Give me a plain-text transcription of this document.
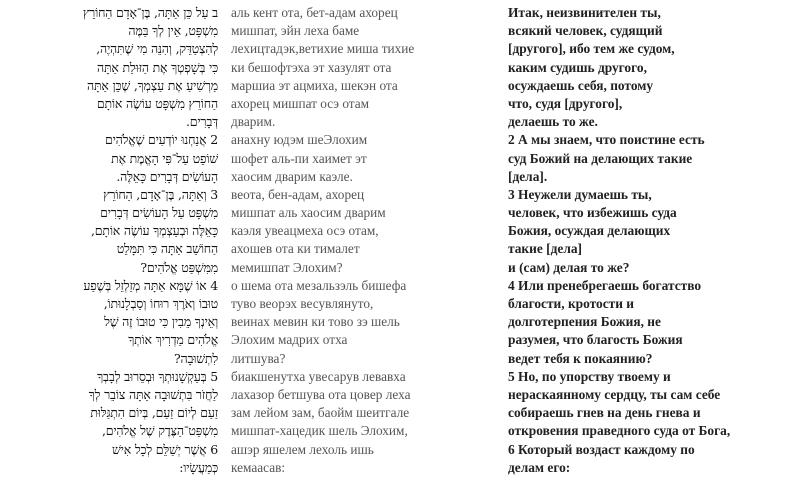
ב עַל כֵּן אַתָּה, בֶּן־אָדָם הַחוֹרֵץ
מִשְׁפָּט, אֵין לְךָ בַּמֶּה
לְהִצְטַדֵּק, וְהִנֵּה מִי שֶׁתִּהְיֶה,
כִּי בְּשָׁפְטְךָ אֶת הַזּוּלַת אַתָּה
מַרְשִׁיעַ אֶת עַצְמְךָ, שֶׁכֵּן אַתָּה
הַחוֹרֵץ מִשְׁפָּט עוֹשֶׂה אוֹתָם
דְּבָרִים.
2 אֲנַחְנוּ יוֹדְעִים שֶׁאֱלֹהִים
שׁוֹפֵט עַל־פִּי הָאֱמֶת אֶת
הָעוֹשִׂים דְּבָרִים כָּאֵלֶּה.
3 וְאַתָּה, בֶּן־אָדָם, הַחוֹרֵץ
מִשְׁפָּט עַל הָעוֹשִׂים דְּבָרִים
כָּאֵלֶּה וּבְעַצְמְךָ עוֹשֶׂה אוֹתָם,
הַחוֹשֵׁב אַתָּה כִּי תִּמָּלֵט
מִמִּשְׁפַּט אֱלֹהִים?
4 אוֹ שֶׁמָּא אַתָּה מְזַלְזֵל בְּשֶׁפַע
טוּבוֹ וְאֹרֶךְ רוּחוֹ וְסַבְלָנוּתוֹ,
וְאֵינְךָ מֵבִין כִּי טוּבוֹ זֶה שֶׁל
אֱלֹהִים מַדְרִיךְ אוֹתְךָ
לִתְשׁוּבָה?
5 בְּעַקְשָׁנוּתְךָ וּבְסֵרוּב לְבָבְךָ
לַחֲזֹר בִּתְשׁוּבָה אַתָּה צוֹבֵר לְךָ
זַעַם לְיוֹם זַעַם, בְּיוֹם הִתְגַּלּוּת
מִשְׁפַּט־הַצֶּדֶק שֶׁל אֱלֹהִים,
6 אֲשֶׁר יְשַׁלֵּם לְכָל אִישׁ
כְּמַעֲשָׂיו:
аль кент ота, бет-адам ахорец
мишпат, эйн леха бамe
лехицтадэк,ветихие миша тихие
ки бешофтэха эт хазулят ота
маршиа эт ацмиха, шекэн ота
ахорец мишпат осэ отам
дварим.
анахну юдэм шеЭлохим
шофет аль-пи хаимет эт
хаосим дварим каэле.
веота, бен-адам, ахорец
мишпат аль хаосим дварим
каэля увеацмеха осэ отам,
ахошев ота ки тималет
мемишпат Элохим?
о шема ота мезальзэль бишефа
туво веорэх весувлянуто,
веинах мевин ки тово зэ шель
Элохим мадрих отха
литшува?
биакшенутха увесарув левавха
лахазор бетшува ота цовер леха
зам лейом зам, баойм шеитгале
мишпат-хацедик шель Элохим,
ашэр яшелем лехоль ишь
кемаасав:
Итак, неизвинителен ты,
всякий человек, судящий
[другого], ибо тем же судом,
каким судишь другого,
осуждаешь себя, потому
что, судя [другого],
делаешь то же.
2 А мы знаем, что поистине есть
суд Божий на делающих такие
[дела].
3 Неужели думаешь ты,
человек, что избежишь суда
Божия, осуждая делающих
такие [дела]
и (сам) делая то же?
4 Или пренебрегаешь богатство
благости, кротости и
долготерпения Божия, не
разумея, что благость Божия
ведет тебя к покаянию?
5 Но, по упорству твоему и
нераскаянному сердцу, ты сам себе
собираешь гнев на день гнева и
откровения праведного суда от Бога,
6 Который воздаст каждому по
делам его:
